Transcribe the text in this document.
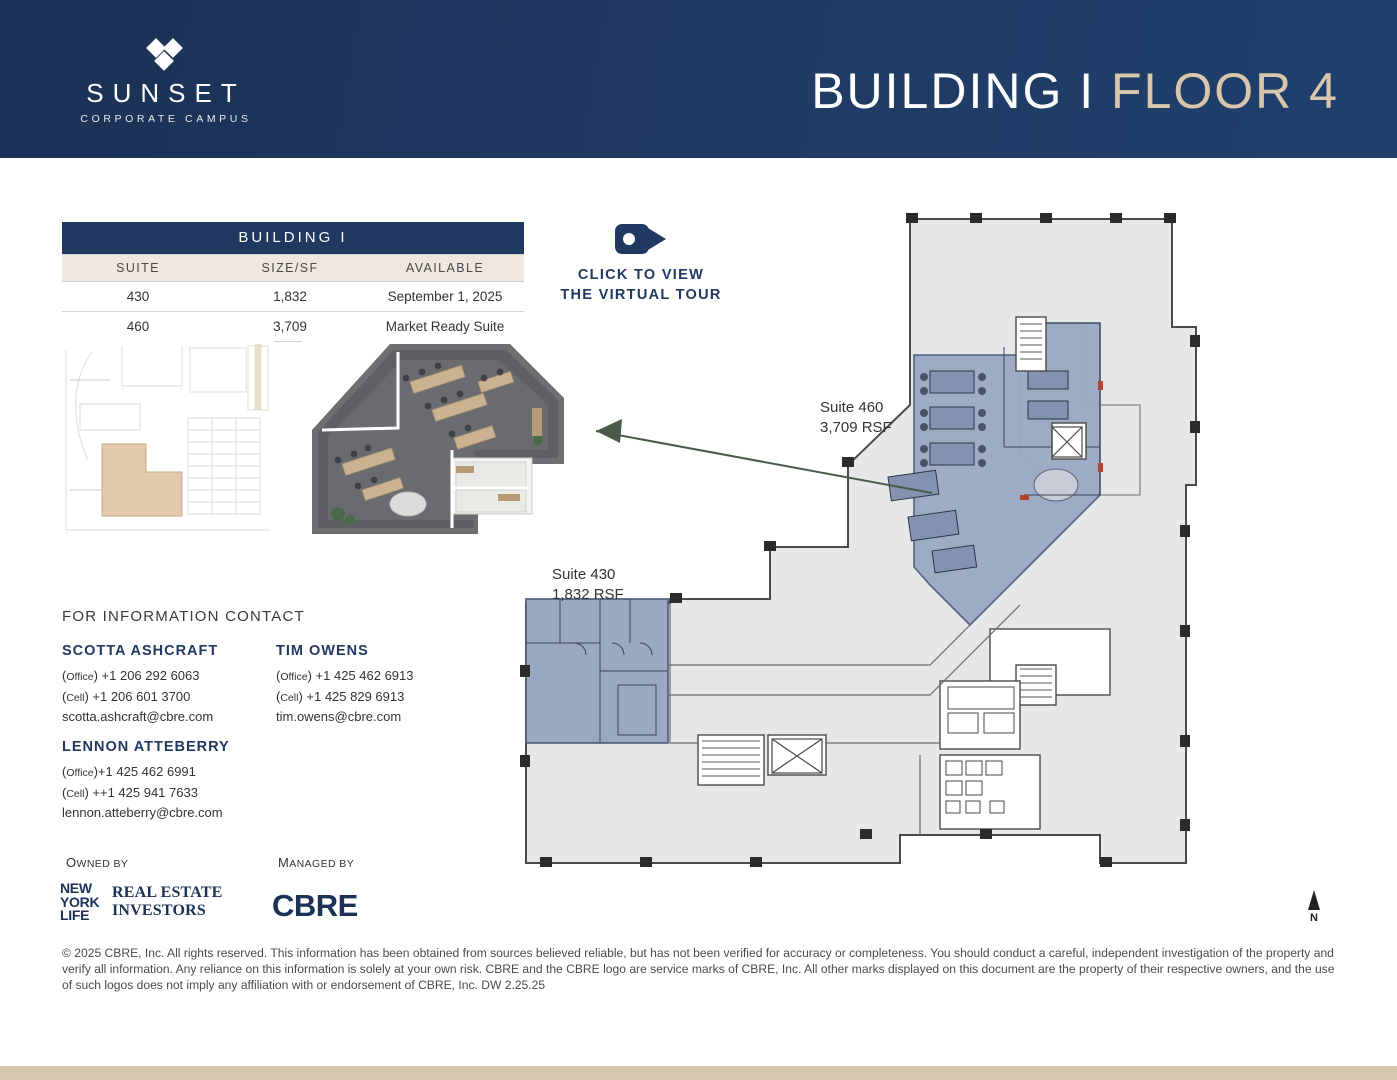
SUNSET
CORPORATE CAMPUS	BUILDING I FLOOR 4
BUILDING I		
SUITE	SIZE/SF	AVAILABLE
430	1,832	September 1, 2025
460	3,709	Market Ready Suite
CLICK TO VIEW
THE VIRTUAL TOUR
FOR INFORMATION CONTACT
SCOTTA ASHCRAFT
(Office) +1 206 292 6063
(Cell) +1 206 601 3700
scotta.ashcraft@cbre.com
TIM OWENS
(Office) +1 425 462 6913
(Cell) +1 425 829 6913
tim.owens@cbre.com
LENNON ATTEBERRY
(Office)+1 425 462 6991
(Cell) ++1 425 941 7633
lennon.atteberry@cbre.com
OWNED BY	MANAGED BY
NEW
YORK
LIFE
REAL ESTATE
INVESTORS	CBRE
© 2025 CBRE, Inc. All rights reserved. This information has been obtained from sources believed reliable, but has not been verified for accuracy or completeness. You should conduct a careful, independent investigation of the property and verify all information. Any reliance on this information is solely at your own risk. CBRE and the CBRE logo are service marks of CBRE, Inc. All other marks displayed on this document are the property of their respective owners, and the use of such logos does not imply any affiliation with or endorsement of CBRE, Inc. DW 2.25.25
Suite 460
3,709 RSF
Suite 430
1,832 RSF
N
